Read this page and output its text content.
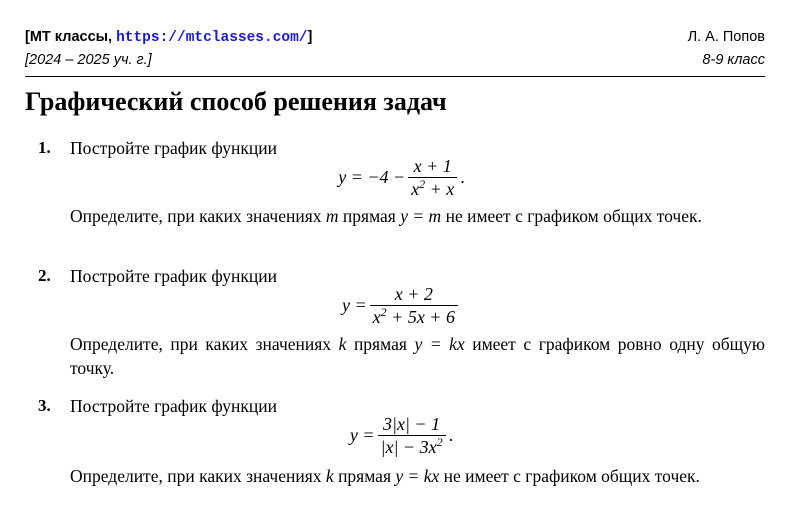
[МТ классы, https://mtclasses.com/]	Л. А. Попов
[2024 – 2025 уч. г.]	8-9 класс
Графический способ решения задач
1. Постройте график функции
$y = -4 - \frac{x + 1}{x^2 + x}$ .
Определите, при каких значениях m прямая y = m не имеет с графиком общих точек.
2. Постройте график функции
$y = \frac{x + 2}{x^2 + 5x + 6}$
Определите, при каких значениях k прямая y = kx имеет с графиком ровно одну общую точку.
3. Постройте график функции
$y = \frac{3|x| - 1}{|x| - 3x^2}$ .
Определите, при каких значениях k прямая y = kx не имеет с графиком общих точек.
